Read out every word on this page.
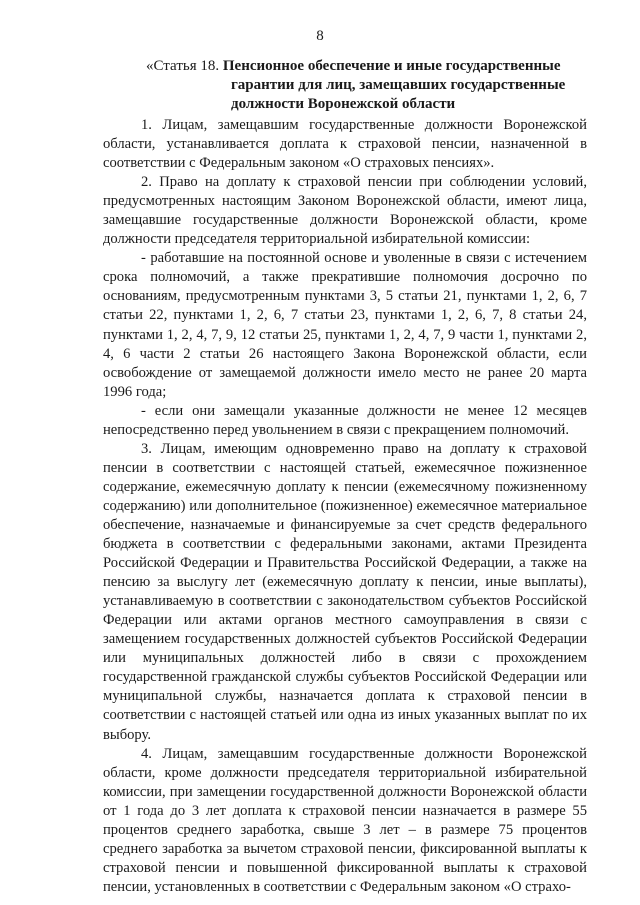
8
«Статья 18. Пенсионное обеспечение и иные государственные
гарантии для лиц, замещавших государственные должности Воронежской области

1. Лицам, замещавшим государственные должности Воронежской области, устанавливается доплата к страховой пенсии, назначенной в соответствии с Федеральным законом «О страховых пенсиях».

2. Право на доплату к страховой пенсии при соблюдении условий, предусмотренных настоящим Законом Воронежской области, имеют лица, замещавшие государственные должности Воронежской области, кроме должности председателя территориальной избирательной комиссии:

- работавшие на постоянной основе и уволенные в связи с истечением срока полномочий, а также прекратившие полномочия досрочно по основаниям, предусмотренным пунктами 3, 5 статьи 21, пунктами 1, 2, 6, 7 статьи 22, пунктами 1, 2, 6, 7 статьи 23, пунктами 1, 2, 6, 7, 8 статьи 24, пунктами 1, 2, 4, 7, 9, 12 статьи 25, пунктами 1, 2, 4, 7, 9 части 1, пунктами 2, 4, 6 части 2 статьи 26 настоящего Закона Воронежской области, если освобождение от замещаемой должности имело место не ранее 20 марта 1996 года;

- если они замещали указанные должности не менее 12 месяцев непосредственно перед увольнением в связи с прекращением полномочий.

3. Лицам, имеющим одновременно право на доплату к страховой пенсии в соответствии с настоящей статьей, ежемесячное пожизненное содержание, ежемесячную доплату к пенсии (ежемесячному пожизненному содержанию) или дополнительное (пожизненное) ежемесячное материальное обеспечение, назначаемые и финансируемые за счет средств федерального бюджета в соответствии с федеральными законами, актами Президента Российской Федерации и Правительства Российской Федерации, а также на пенсию за выслугу лет (ежемесячную доплату к пенсии, иные выплаты), устанавливаемую в соответствии с законодательством субъектов Российской Федерации или актами органов местного самоуправления в связи с замещением государственных должностей субъектов Российской Федерации или муниципальных должностей либо в связи с прохождением государственной гражданской службы субъектов Российской Федерации или муниципальной службы, назначается доплата к страховой пенсии в соответствии с настоящей статьей или одна из иных указанных выплат по их выбору.

4. Лицам, замещавшим государственные должности Воронежской области, кроме должности председателя территориальной избирательной комиссии, при замещении государственной должности Воронежской области от 1 года до 3 лет доплата к страховой пенсии назначается в размере 55 процентов среднего заработка, свыше 3 лет – в размере 75 процентов среднего заработка за вычетом страховой пенсии, фиксированной выплаты к страховой пенсии и повышенной фиксированной выплаты к страховой пенсии, установленных в соответствии с Федеральным законом «О страхо-
